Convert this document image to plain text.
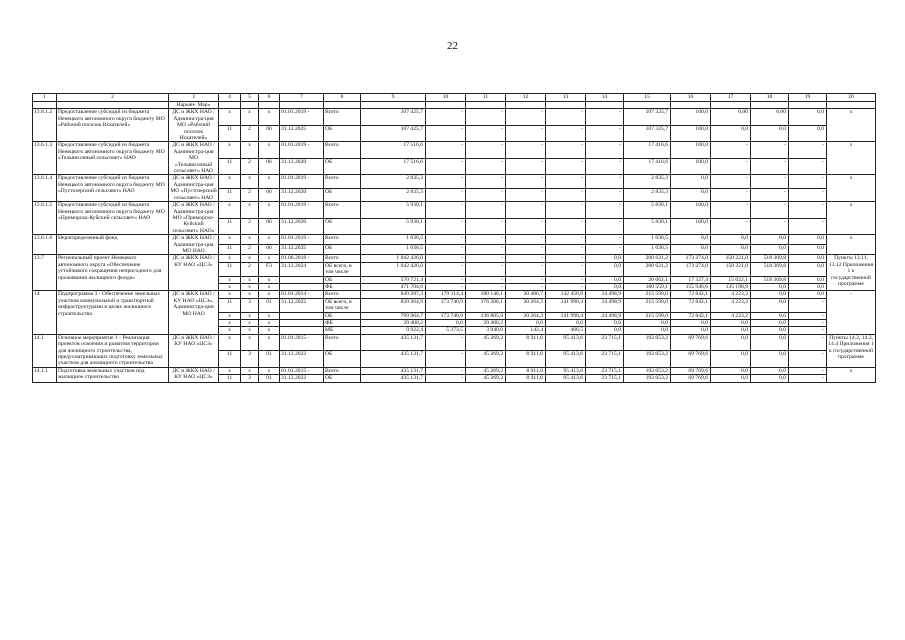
22
1	2	3	4	5	6	7	8	9	10	11	12	13	14	15	16	17	18	19	20
		Нарьян- Мар»																	
13.6.1.2	Предоставление субсидий из бюджета Ненецкого автономного округа бюджету МО «Рабочий поселок Искателей»	ДС и ЖКХ НАО / Администра-ция МО «Рабочий поселок Искателей»	х	х	х	01.01.2019 -	Всего	107 425,7	-	-	-	-	-	107 325,7	100,0	0,00	0,00	0,0	х
			11	2	06	31.12.2025	ОБ	107 425,7	-	-	-	-	-	107 325,7	100,0	0,0	0,0	0,0	
13.6.1.3	Предоставление субсидий из бюджета Ненецкого автономного округа бюджету МО «Тельвисочный сельсовет» НАО	ДС и ЖКХ НАО / Администра-ция МО «Тельвисочный сельсовет» НАО	х	х	х	01.01.2019 -	Всего	17 516,6	-	-	-	-	-	17 416,6	100,0	-	-	-	х
			11	2	06	31.12.2020	ОБ	17 516,6	-	-	-	-	-	17 416,6	100,0	-	-	-	
13.6.1.4	Предоставление субсидий из бюджета Ненецкого автономного округа бюджету МО «Пустозерский сельсовет» НАО	ДС и ЖКХ НАО / Администра-ция МО «Пустозерский сельсовет» НАО	х	х	х	01.01.2019 -	Всего	2 835,3	-	-	-	-	-	2 835,3	0,0	-	-	-	х
			11	2	06	31.12.2020	ОБ	2 835,3	-	-	-	-	-	2 835,3	0,0	-	-	-	
13.6.1.5	Предоставление субсидий из бюджета Ненецкого автономного округа бюджету МО «Приморско-Куйский сельсовет» НАО	ДС и ЖКХ НАО / Администра-ция МО «Приморско-Куйский сельсовет» НАО»	х	х	х	01.01.2019 -	Всего	5 930,1	-	-	-	-	-	5 830,1	100,0	-	-	-	х
			11	2	06	31.12.2020	ОБ	5 930,1	-	-	-	-	-	5 830,1	100,0	-	-	-	
13.6.1.6	Нераспределенный фонд	ДС и ЖКХ НАО / Администра-ция МО НАО	х	х	х	01.01.2019 -	Всего	1 036,5	-	-	-	-	-	1 036,5	0,0	0,0	0,0	0,0	х
			11	2	06	31.12.2025	ОБ	1 036,5	-	-	-	-	-	1 036,5	0,0	0,0	0,0	0,0	
13.7	Региональный проект Ненецкого автономного округа «Обеспечение устойчивого сокращения непригодного для проживания жилищного фонда»	ДС и ЖКХ НАО / КУ НАО «ЦСЗ»	х	х	х	01.06.2018 -	Всего	1 042 426,0	-	-	-	-	0,0	200 621,2	173 274,0	150 221,0	518 309,8	0,0	Пункты 13.11, 13.12 Приложения 1 к государственной программе
			11	2	F3	31.12.2024	ОБ всего, в том числе	1 042 426,0	-	-	-	-	0,0	200 621,2	173 274,0	150 221,0	518 309,8	0,0	
			х	х	х		ОБ	570 721,4	-	-	-	-	0,0	20 062,1	17 327,4	15 022,1	518 309,8	0,0	
			х	х	х		ФБ	471 704,6	-	-	-	-	0,0	180 559,1	155 946,6	135 198,9	0,0	0,0	
14	Подпрограмма 3 - Обеспечение земельных участков коммунальной и транспортной инфраструктурами в целях жилищного строительства	ДС и ЖКХ НАО / КУ НАО «ЦСЗ», Администра-ции МО НАО	х	х	х	01.01.2014 -	Всего	849 287,3	179 114,4	180 146,1	30 406,7	142 456,9	24 498,9	215 599,0	72 842,1	4 223,2	0,0	0,0	-
			11	3	01	31.12.2022	ОБ всего, в том числе	839 364,9	173 740,9	176 206,1	30 264,3	141 990,4	24 498,9	215 599,0	72 842,1	4 223,2	0,0	-	
			х	х	х		ОБ	799 964,7	173 740,9	136 805,9	30 264,3	141 990,4	24 498,9	215 599,0	72 842,1	4 223,2	0,0	-	
			х	х	х		ФБ	39 400,2	0,0	39 400,2	0,0	0,0	0,0	0,0	0,0	0,0	0,0	-	
			х	х	х		МБ	9 922,4	5 373,5	3 940,0	142,4	466,5	0,0	0,0	0,0	0,0	0,0	-	
14.1	Основное мероприятие 1 - Реализация проектов освоения и развития территории для жилищного строительства, предусматривающих подготовку земельных участков для жилищного строительства	ДС и ЖКХ НАО / КУ НАО «ЦСЗ»	х	х	х	01.01.2015 -	Всего	435 131,7	-	45 269,2	8 911,0	95 413,6	23 715,1	192 053,2	69 769,6	0,0	0,0	-	Пункты 14.2, 14.3, 14.4 Приложения 1 к государственной программе
			11	3	01	31.12.2022	ОБ	435 131,7	-	45 269,2	8 911,0	95 413,6	23 715,1	192 053,2	69 769,6	0,0	0,0	-	
14.1.1	Подготовка земельных участков под жилищное строительство	ДС и ЖКХ НАО / КУ НАО «ЦСЗ»	х	х	х	01.01.2015 -	Всего	435 131,7	-	45 269,2	8 911,0	95 413,6	23 715,1	192 053,2	69 769,6	0,0	0,0	-	х
			11	3	01	31.12.2022	ОБ	435 131,7	-	45 269,2	8 911,0	95 413,6	23 715,1	192 053,2	69 769,6	0,0	0,0	-	
